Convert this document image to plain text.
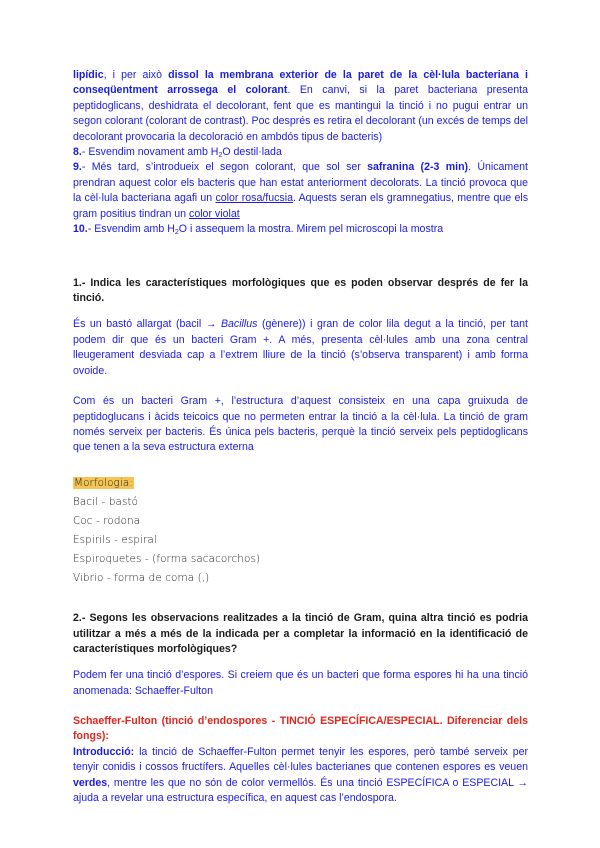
lipídic, i per això dissol la membrana exterior de la paret de la cèl·lula bacteriana i conseqüentment arrossega el colorant. En canvi, si la paret bacteriana presenta peptidoglicans, deshidrata el decolorant, fent que es mantingui la tinció i no pugui entrar un segon colorant (colorant de contrast). Poc després es retira el decolorant (un excés de temps del decolorant provocaria la decoloració en ambdós tipus de bacteris)

8.- Esvendim novament amb $H_2O$ destil·lada

9.- Més tard, s’introdueix el segon colorant, que sol ser safranina (2-3 min). Únicament prendran aquest color els bacteris que han estat anteriorment decolorats. La tinció provoca que la cèl·lula bacteriana agafi un color rosa/fucsia. Aquests seran els gramnegatius, mentre que els gram positius tindran un color violat

10.- Esvendim amb $H_2O$ i assequem la mostra. Mirem pel microscopi la mostra

1.- Indica les característiques morfològiques que es poden observar després de fer la tinció.

És un bastó allargat (bacil → Bacillus (gènere)) i gran de color lila degut a la tinció, per tant podem dir que és un bacteri Gram +. A més, presenta cèl·lules amb una zona central lleugerament desviada cap a l’extrem lliure de la tinció (s’observa transparent) i amb forma ovoide.

Com és un bacteri Gram +, l’estructura d’aquest consisteix en una capa gruixuda de peptidoglucans i àcids teicoics que no permeten entrar la tinció a la cèl·lula. La tinció de gram només serveix per bacteris. És única pels bacteris, perquè la tinció serveix pels peptidoglicans que tenen a la seva estructura externa

Morfologia:
Bacil - bastó
Coc - rodona
Espirils - espiral
Espiroquetes - (forma sacacorchos)
Vibrio - forma de coma (,)

2.- Segons les observacions realitzades a la tinció de Gram, quina altra tinció es podria utilitzar a més a més de la indicada per a completar la informació en la identificació de característiques morfològiques?

Podem fer una tinció d’espores. Si creiem que és un bacteri que forma espores hi ha una tinció anomenada: Schaeffer-Fulton

Schaeffer-Fulton (tinció d’endospores - TINCIÓ ESPECÍFICA/ESPECIAL. Diferenciar dels fongs):

Introducció: la tinció de Schaeffer-Fulton permet tenyir les espores, però també serveix per tenyir conidis i cossos fructífers. Aquelles cèl·lules bacterianes que contenen espores es veuen verdes, mentre les que no són de color vermellós. És una tinció ESPECÍFICA o ESPECIAL → ajuda a revelar una estructura específica, en aquest cas l’endospora.
